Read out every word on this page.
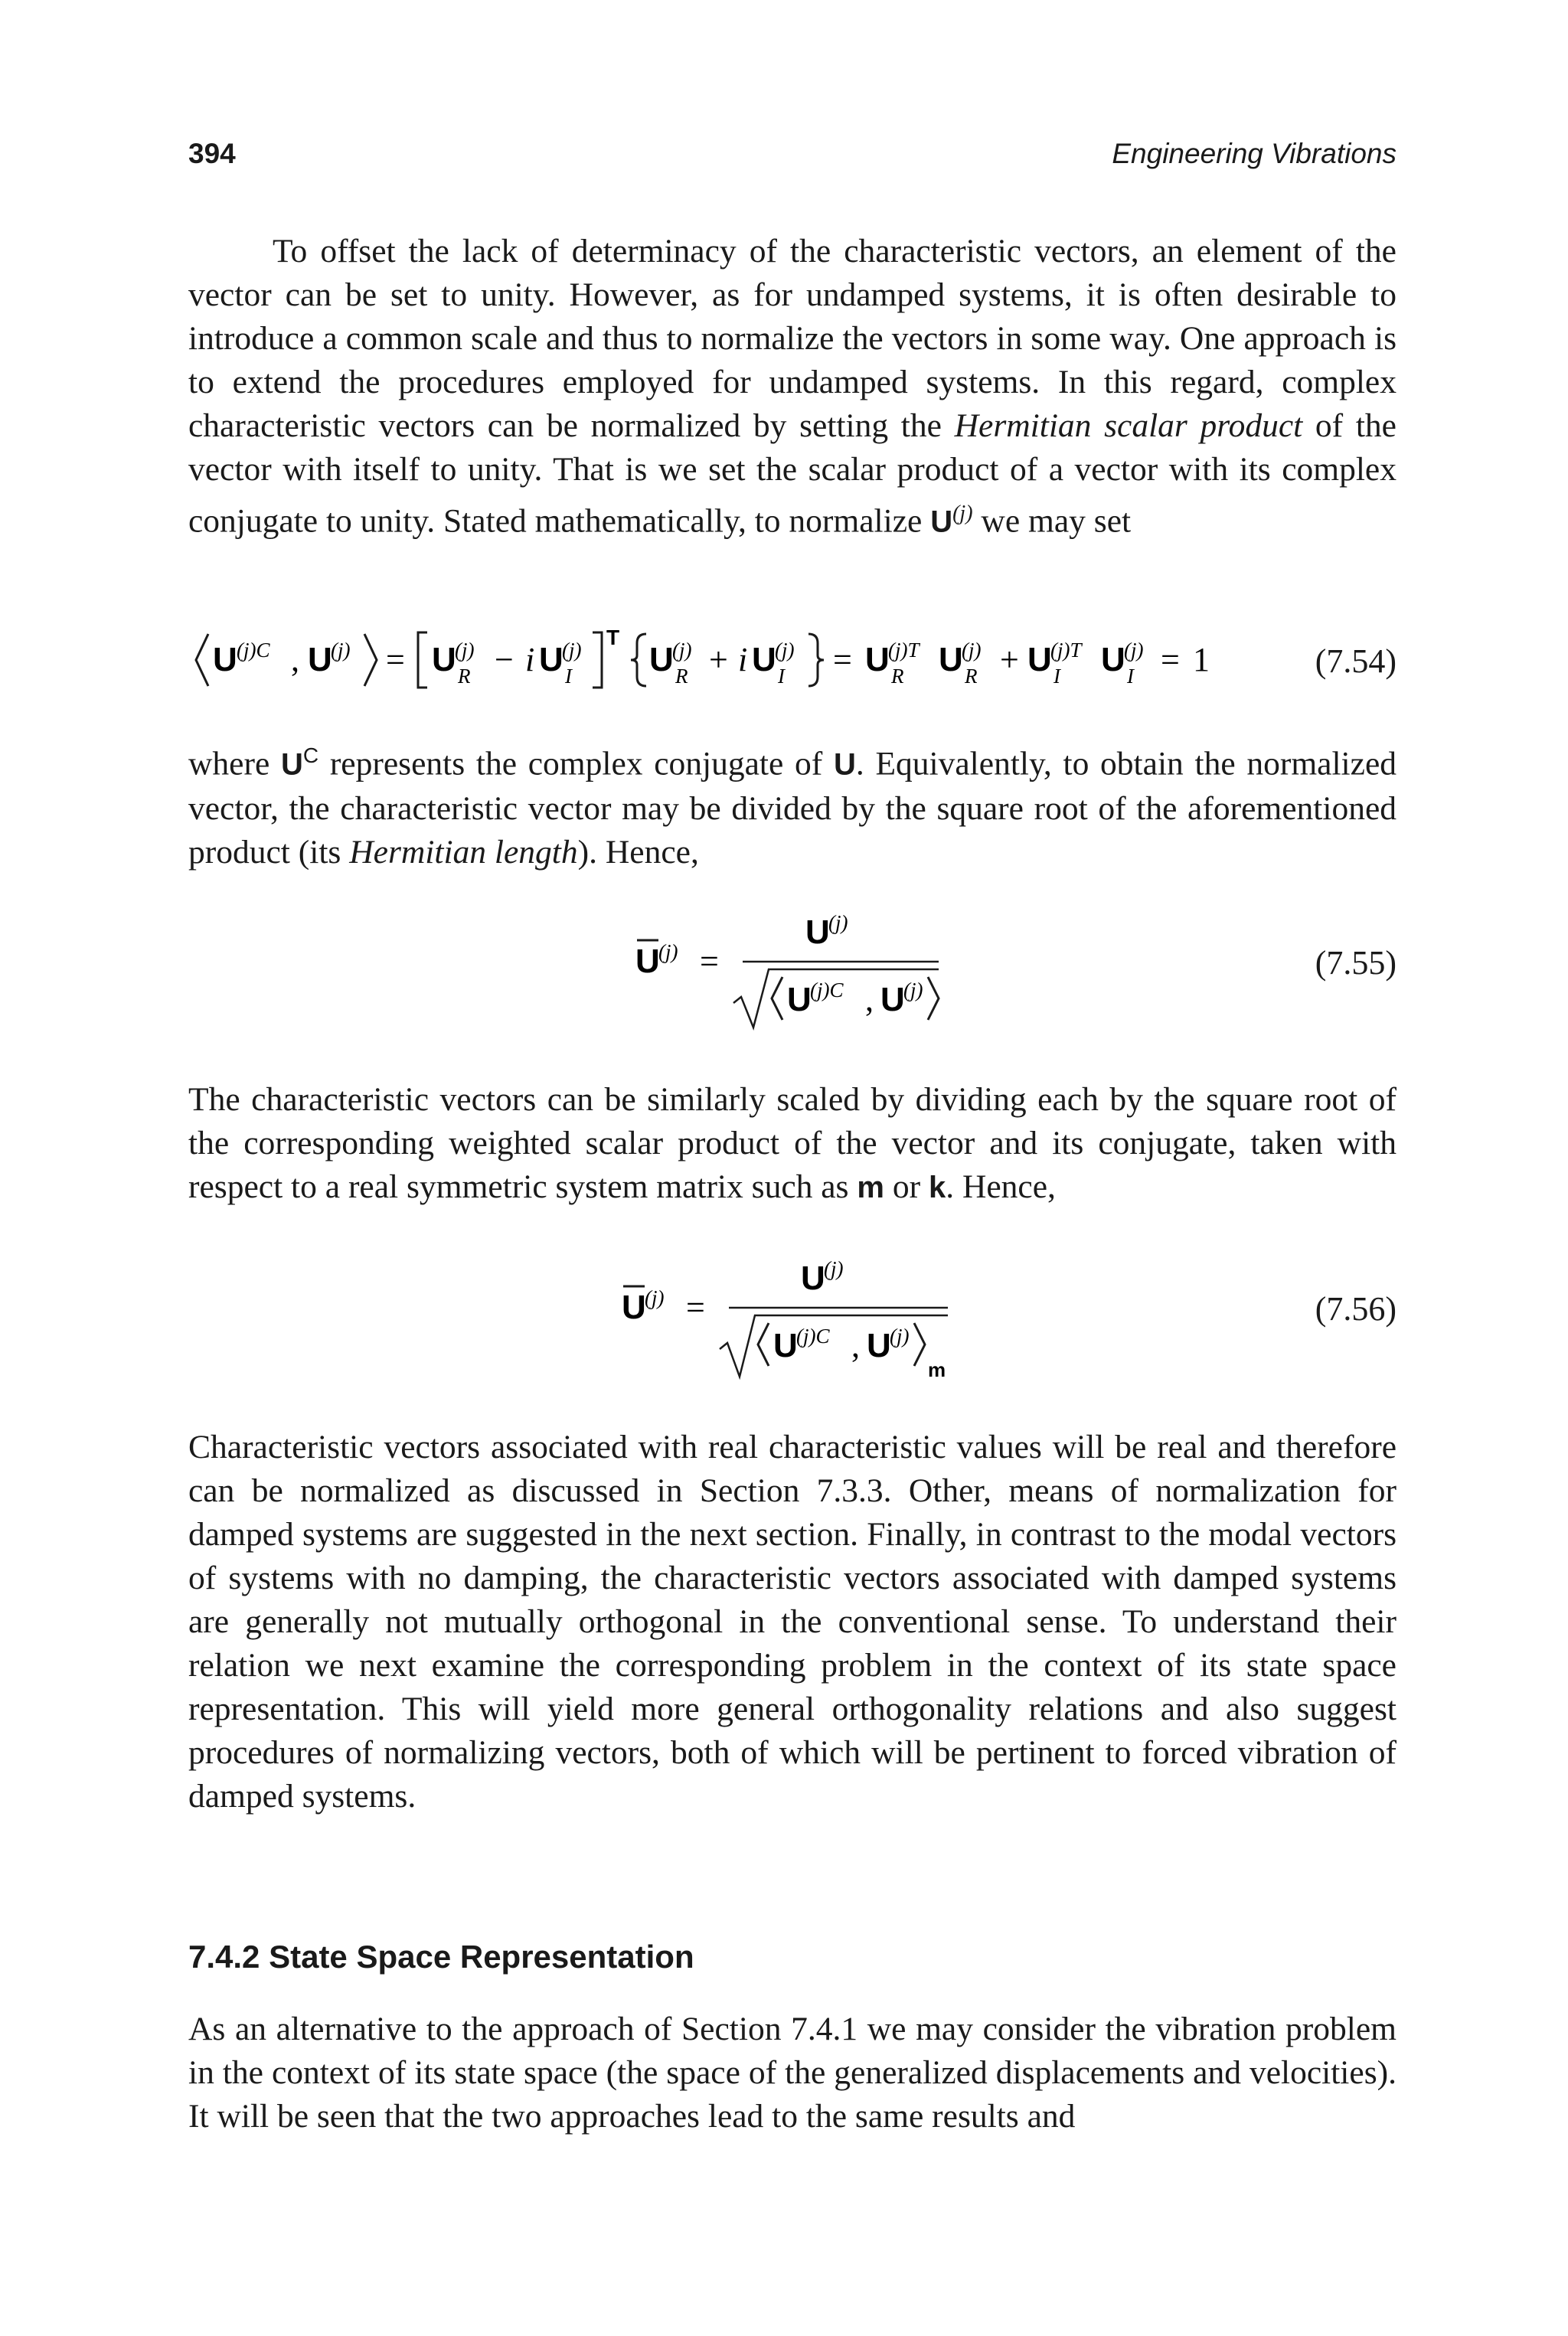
394	Engineering Vibrations

To offset the lack of determinacy of the characteristic vectors, an element of the vector can be set to unity. However, as for undamped systems, it is often desirable to introduce a common scale and thus to normalize the vectors in some way. One approach is to extend the procedures employed for undamped systems. In this regard, complex characteristic vectors can be normalized by setting the Hermitian scalar product of the vector with itself to unity. That is we set the scalar product of a vector with its complex conjugate to unity. Stated mathematically, to normalize $U^{(j)}$ we may set

U (j)C , U
(j) = U
(j)
R − i U
(j)
I
T
U
(j)
R + i U
(j)
I = U
(j)T
R U
(j)
R + U
(j)T
I U
(j)
I = 1	(7.54)

where $U^C$ represents the complex conjugate of U. Equivalently, to obtain the normalized vector, the characteristic vector may be divided by the square root of the aforementioned product (its Hermitian length). Hence,

U
(j) =
U
(j)
U
(j)C , U
(j)
(7.55)

The characteristic vectors can be similarly scaled by dividing each by the square root of the corresponding weighted scalar product of the vector and its conjugate, taken with respect to a real symmetric system matrix such as m or k. Hence,

U
(j) =
U
(j)
U
(j)C , U
(j)
m
(7.56)

Characteristic vectors associated with real characteristic values will be real and therefore can be normalized as discussed in Section 7.3.3. Other, means of normalization for damped systems are suggested in the next section. Finally, in contrast to the modal vectors of systems with no damping, the characteristic vectors associated with damped systems are generally not mutually orthogonal in the conventional sense. To understand their relation we next examine the corresponding problem in the context of its state space representation. This will yield more general orthogonality relations and also suggest procedures of normalizing vectors, both of which will be pertinent to forced vibration of damped systems.

7.4.2 State Space Representation

As an alternative to the approach of Section 7.4.1 we may consider the vibration problem in the context of its state space (the space of the generalized displacements and velocities). It will be seen that the two approaches lead to the same results and
